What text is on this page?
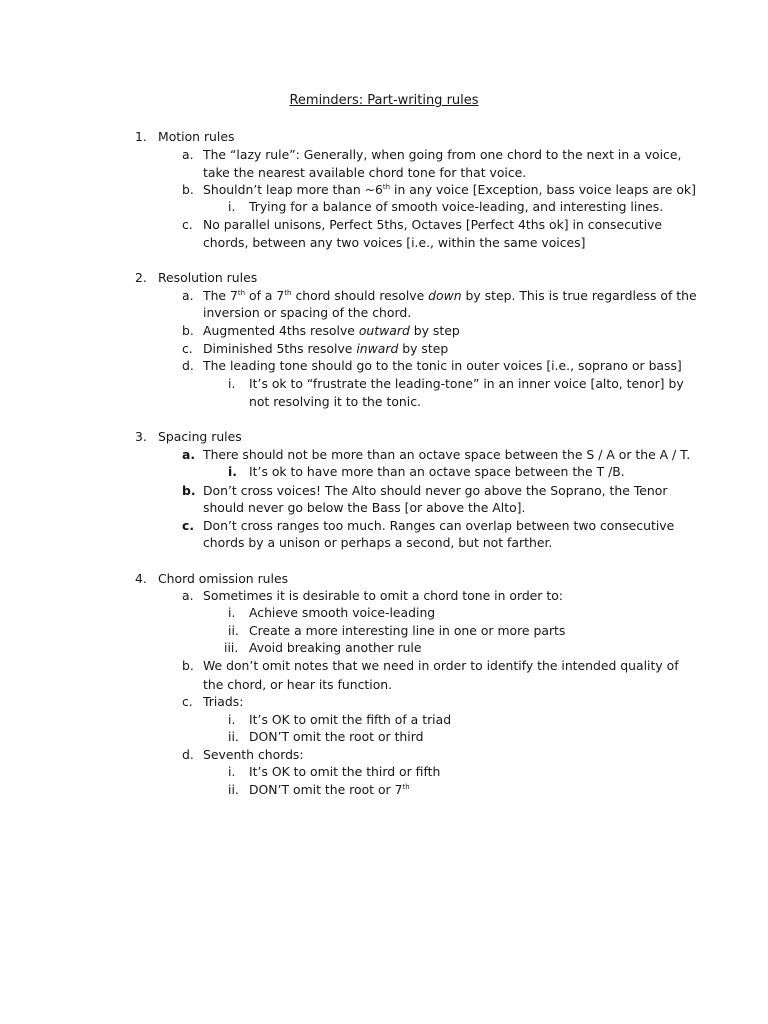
Reminders: Part-writing rules
1. Motion rules
a. The “lazy rule”: Generally, when going from one chord to the next in a voice,
take the nearest available chord tone for that voice.
b. Shouldn’t leap more than ~6th in any voice [Exception, bass voice leaps are ok]
i.	Trying for a balance of smooth voice-leading, and interesting lines.
c. No parallel unisons, Perfect 5ths, Octaves [Perfect 4ths ok] in consecutive
chords, between any two voices [i.e., within the same voices]
2. Resolution rules
a. The 7th of a 7th chord should resolve down by step. This is true regardless of the
inversion or spacing of the chord.
b. Augmented 4ths resolve outward by step
c. Diminished 5ths resolve inward by step
d. The leading tone should go to the tonic in outer voices [i.e., soprano or bass]
i.	It’s ok to “frustrate the leading-tone” in an inner voice [alto, tenor] by
not resolving it to the tonic.
3. Spacing rules
a. There should not be more than an octave space between the S / A or the A / T.
i. It’s ok to have more than an octave space between the T /B.
b. Don’t cross voices! The Alto should never go above the Soprano, the Tenor
should never go below the Bass [or above the Alto].
c. Don’t cross ranges too much. Ranges can overlap between two consecutive
chords by a unison or perhaps a second, but not farther.
4. Chord omission rules
a. Sometimes it is desirable to omit a chord tone in order to:
i.	Achieve smooth voice-leading
ii. Create a more interesting line in one or more parts
iii. Avoid breaking another rule
b. We don’t omit notes that we need in order to identify the intended quality of
the chord, or hear its function.
c. Triads:
i.	It’s OK to omit the fifth of a triad
ii. DON’T omit the root or third
d. Seventh chords:
i.	It’s OK to omit the third or fifth
ii. DON’T omit the root or 7th
